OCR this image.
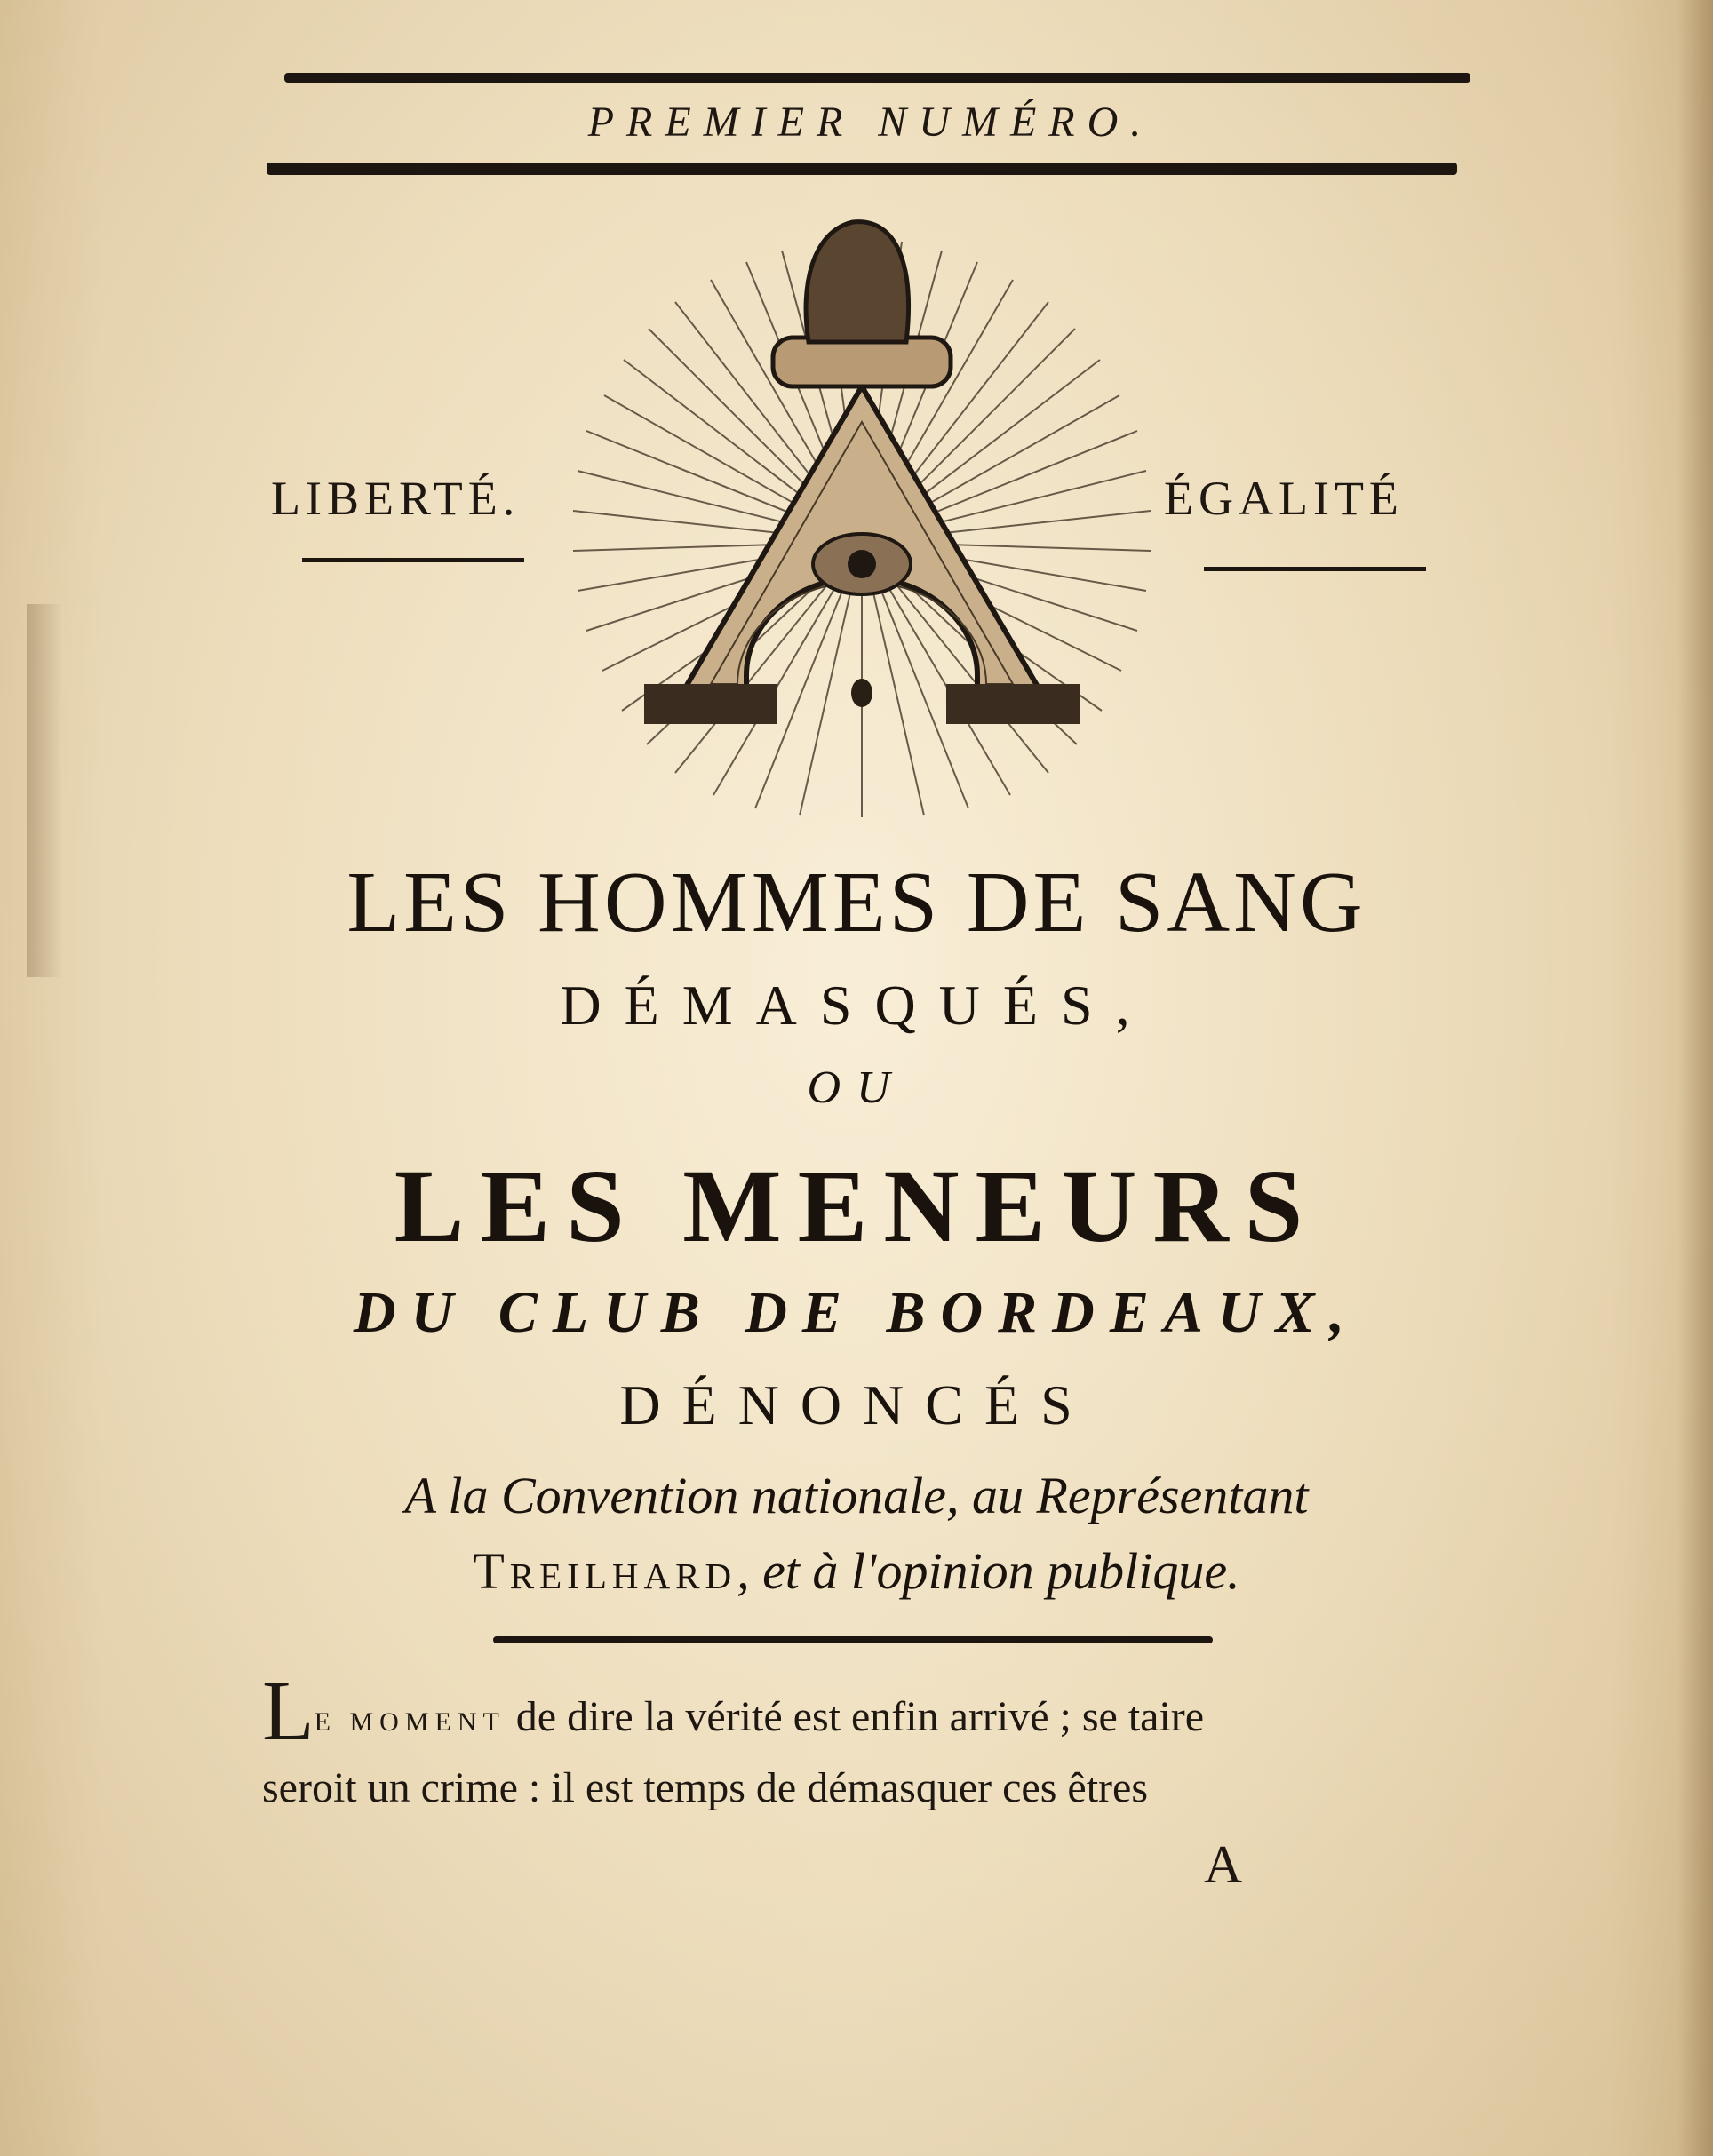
PREMIER NUMÉRO.
LIBERTÉ.	ÉGALITÉ
LES HOMMES DE SANG
DÉMASQUÉS,
OU
LES MENEURS
DU CLUB DE BORDEAUX,
DÉNONCÉS
A la Convention nationale, au Représentant
Treilhard, et à l'opinion publique.
LE MOMENT de dire la vérité est enfin arrivé ; se taire
seroit un crime : il est temps de démasquer ces êtres
A
